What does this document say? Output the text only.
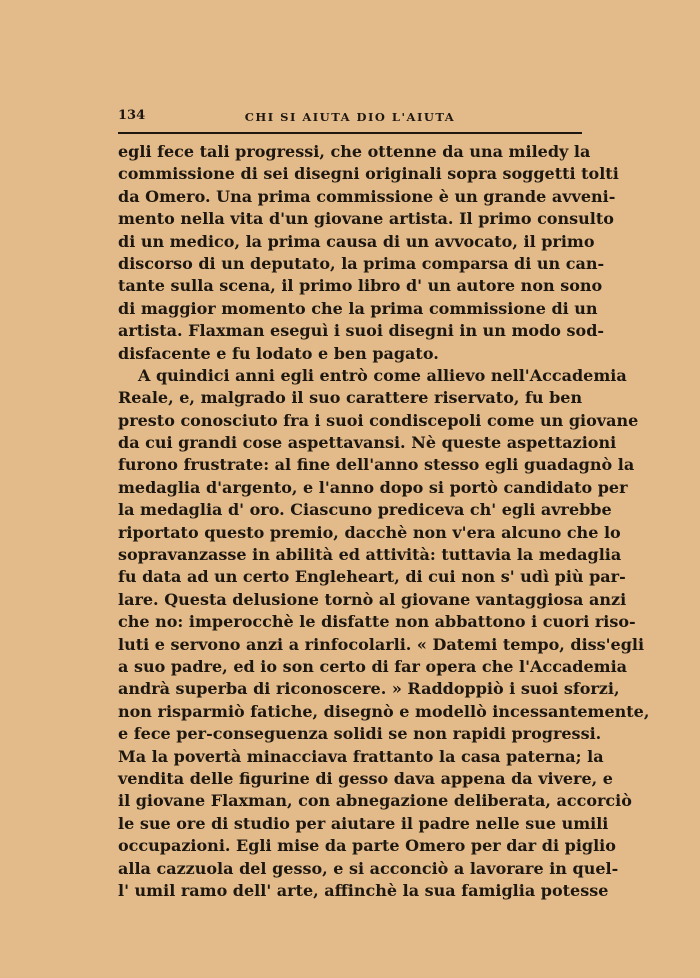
134	CHI SI AIUTA DIO L'AIUTA
egli fece tali progressi, che ottenne da una miledy la
commissione di sei disegni originali sopra soggetti tolti
da Omero. Una prima commissione è un grande avveni-
mento nella vita d'un giovane artista. Il primo consulto
di un medico, la prima causa di un avvocato, il primo
discorso di un deputato, la prima comparsa di un can-
tante sulla scena, il primo libro d' un autore non sono
di maggior momento che la prima commissione di un
artista. Flaxman eseguì i suoi disegni in un modo sod-
disfacente e fu lodato e ben pagato.
A quindici anni egli entrò come allievo nell'Accademia
Reale, e, malgrado il suo carattere riservato, fu ben
presto conosciuto fra i suoi condiscepoli come un giovane
da cui grandi cose aspettavansi. Nè queste aspettazioni
furono frustrate: al fine dell'anno stesso egli guadagnò la
medaglia d'argento, e l'anno dopo si portò candidato per
la medaglia d' oro. Ciascuno prediceva ch' egli avrebbe
riportato questo premio, dacchè non v'era alcuno che lo
sopravanzasse in abilità ed attività: tuttavia la medaglia
fu data ad un certo Engleheart, di cui non s' udì più par-
lare. Questa delusione tornò al giovane vantaggiosa anzi
che no: imperocchè le disfatte non abbattono i cuori riso-
luti e servono anzi a rinfocolarli. « Datemi tempo, diss'egli
a suo padre, ed io son certo di far opera che l'Accademia
andrà superba di riconoscere. » Raddoppiò i suoi sforzi,
non risparmiò fatiche, disegnò e modellò incessantemente,
e fece per-conseguenza solidi se non rapidi progressi.
Ma la povertà minacciava frattanto la casa paterna; la
vendita delle figurine di gesso dava appena da vivere, e
il giovane Flaxman, con abnegazione deliberata, accorciò
le sue ore di studio per aiutare il padre nelle sue umili
occupazioni. Egli mise da parte Omero per dar di piglio
alla cazzuola del gesso, e si acconciò a lavorare in quel-
l' umil ramo dell' arte, affinchè la sua famiglia potesse
